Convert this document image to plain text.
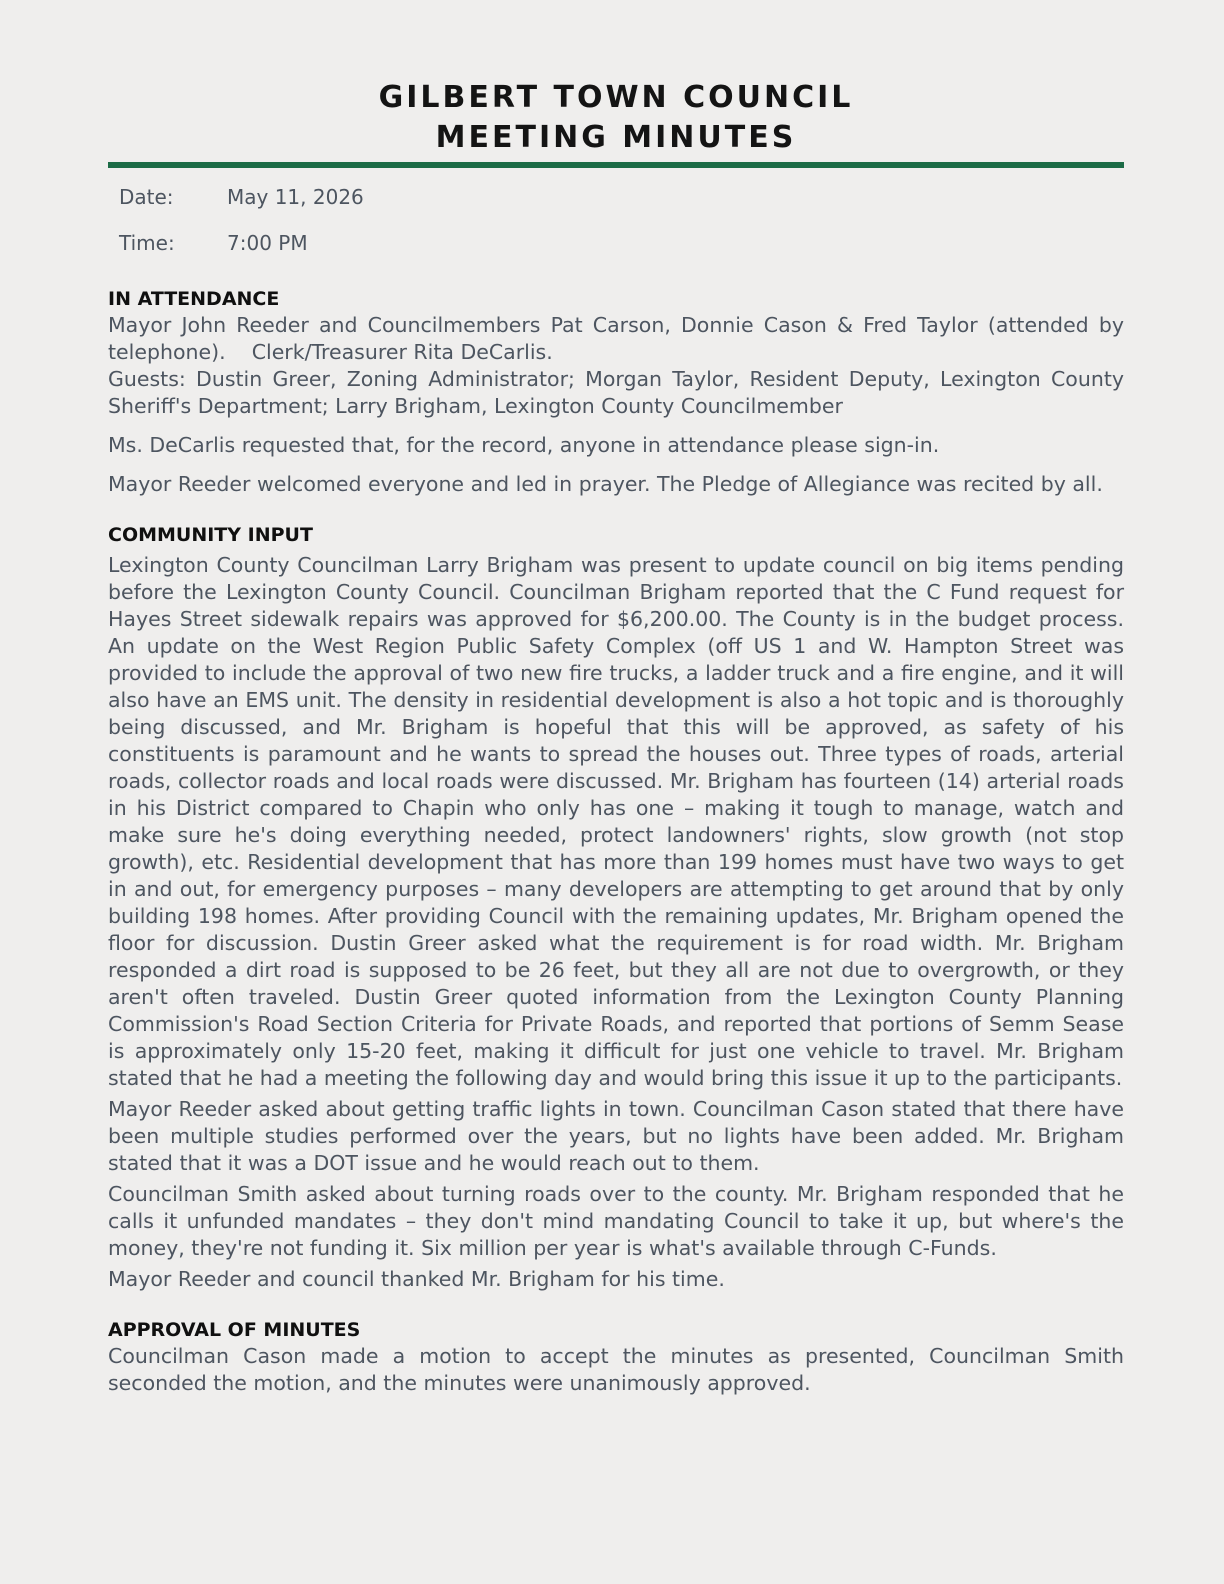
GILBERT TOWN COUNCIL
MEETING MINUTES
Date:	May 11, 2026
Time:	7:00 PM
IN ATTENDANCE

Mayor John Reeder and Councilmembers Pat Carson, Donnie Cason & Fred Taylor (attended by telephone).    Clerk/Treasurer Rita DeCarlis.

Guests: Dustin Greer, Zoning Administrator; Morgan Taylor, Resident Deputy, Lexington County Sheriff's Department; Larry Brigham, Lexington County Councilmember

Ms. DeCarlis requested that, for the record, anyone in attendance please sign-in.

Mayor Reeder welcomed everyone and led in prayer. The Pledge of Allegiance was recited by all.

COMMUNITY INPUT

Lexington County Councilman Larry Brigham was present to update council on big items pending before the Lexington County Council. Councilman Brigham reported that the C Fund request for Hayes Street sidewalk repairs was approved for $6,200.00. The County is in the budget process. An update on the West Region Public Safety Complex (off US 1 and W. Hampton Street was provided to include the approval of two new fire trucks, a ladder truck and a fire engine, and it will also have an EMS unit. The density in residential development is also a hot topic and is thoroughly being discussed, and Mr. Brigham is hopeful that this will be approved, as safety of his constituents is paramount and he wants to spread the houses out. Three types of roads, arterial roads, collector roads and local roads were discussed. Mr. Brigham has fourteen (14) arterial roads in his District compared to Chapin who only has one – making it tough to manage, watch and make sure he's doing everything needed, protect landowners' rights, slow growth (not stop growth), etc. Residential development that has more than 199 homes must have two ways to get in and out, for emergency purposes – many developers are attempting to get around that by only building 198 homes. After providing Council with the remaining updates, Mr. Brigham opened the floor for discussion. Dustin Greer asked what the requirement is for road width. Mr. Brigham responded a dirt road is supposed to be 26 feet, but they all are not due to overgrowth, or they aren't often traveled. Dustin Greer quoted information from the Lexington County Planning Commission's Road Section Criteria for Private Roads, and reported that portions of Semm Sease is approximately only 15-20 feet, making it difficult for just one vehicle to travel. Mr. Brigham stated that he had a meeting the following day and would bring this issue it up to the participants.

Mayor Reeder asked about getting traffic lights in town. Councilman Cason stated that there have been multiple studies performed over the years, but no lights have been added. Mr. Brigham stated that it was a DOT issue and he would reach out to them.

Councilman Smith asked about turning roads over to the county. Mr. Brigham responded that he calls it unfunded mandates – they don't mind mandating Council to take it up, but where's the money, they're not funding it. Six million per year is what's available through C-Funds.

Mayor Reeder and council thanked Mr. Brigham for his time.

APPROVAL OF MINUTES

Councilman Cason made a motion to accept the minutes as presented, Councilman Smith seconded the motion, and the minutes were unanimously approved.
